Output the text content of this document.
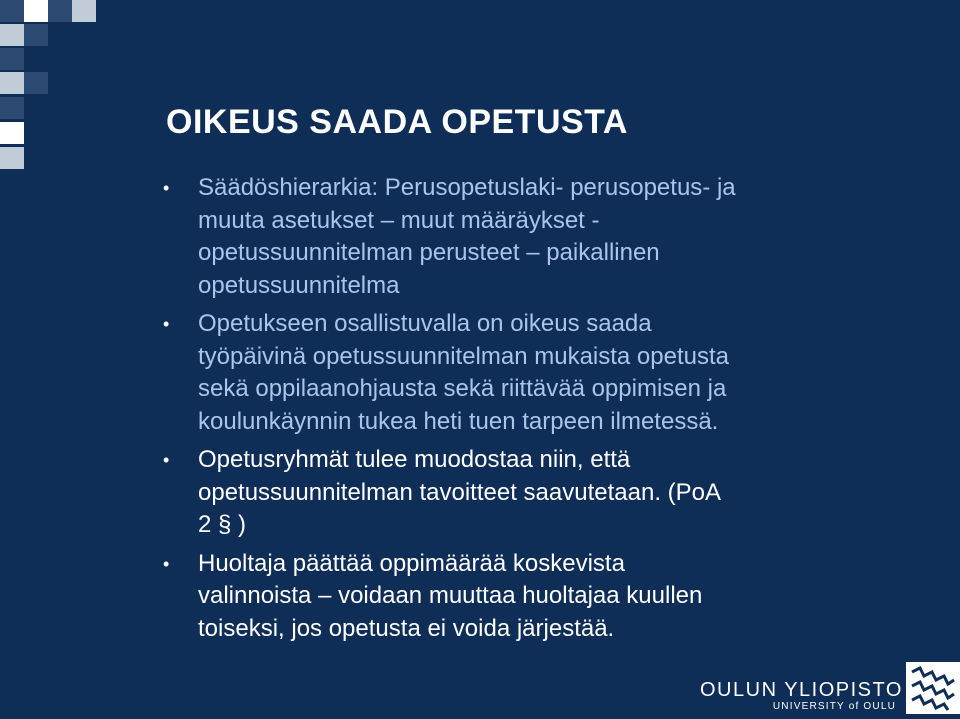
OIKEUS SAADA OPETUSTA
• Säädöshierarkia: Perusopetuslaki- perusopetus- ja
muuta asetukset – muut määräykset -
opetussuunnitelman perusteet – paikallinen
opetussuunnitelma
• Opetukseen osallistuvalla on oikeus saada
työpäivinä opetussuunnitelman mukaista opetusta
sekä oppilaanohjausta sekä riittävää oppimisen ja
koulunkäynnin tukea heti tuen tarpeen ilmetessä.
• Opetusryhmät tulee muodostaa niin, että
opetussuunnitelman tavoitteet saavutetaan. (PoA
2 § )
• Huoltaja päättää oppimäärää koskevista
valinnoista – voidaan muuttaa huoltajaa kuullen
toiseksi, jos opetusta ei voida järjestää.
OULUN YLIOPISTO
UNIVERSITY of OULU
